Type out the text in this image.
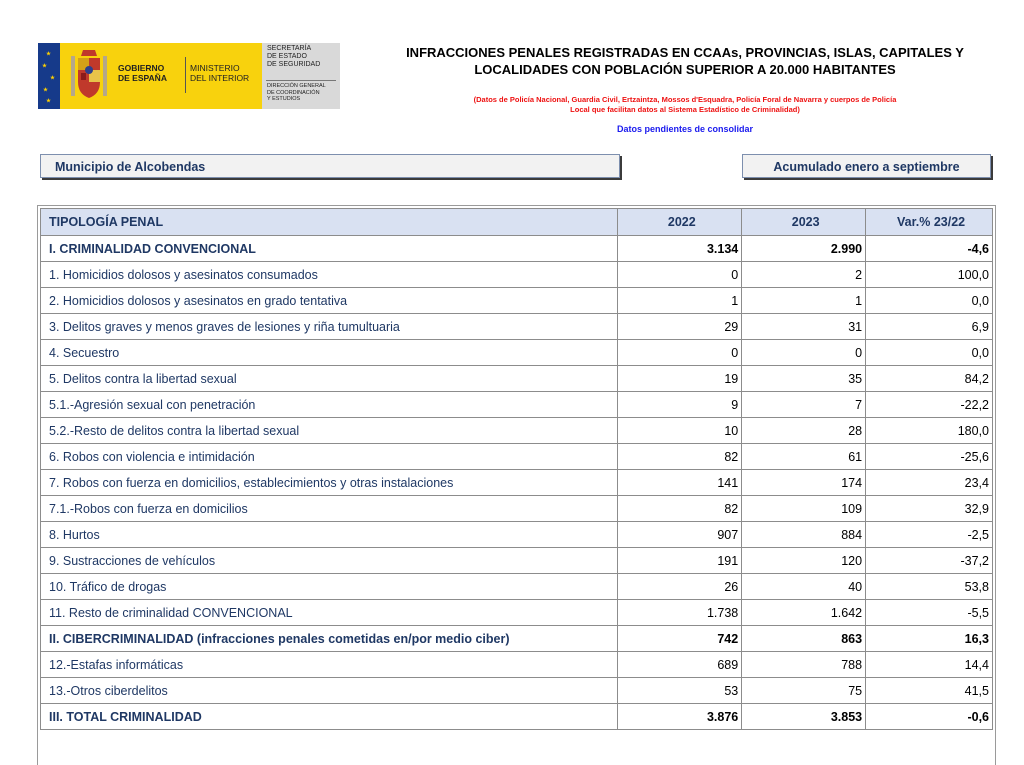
GOBIERNO
DE ESPAÑA
MINISTERIO
DEL INTERIOR
SECRETARÍA
DE ESTADO
DE SEGURIDAD
DIRECCIÓN GENERAL
DE COORDINACIÓN
Y ESTUDIOS
INFRACCIONES PENALES REGISTRADAS EN CCAAs, PROVINCIAS, ISLAS, CAPITALES Y
LOCALIDADES CON POBLACIÓN SUPERIOR A 20.000 HABITANTES
(Datos de Policía Nacional, Guardia Civil, Ertzaintza, Mossos d'Esquadra, Policía Foral de Navarra y cuerpos de Policía
Local que facilitan datos al Sistema Estadístico de Criminalidad)
Datos pendientes de consolidar
Municipio de Alcobendas	Acumulado enero a septiembre
TIPOLOGÍA PENAL	2022	2023	Var.% 23/22
I. CRIMINALIDAD CONVENCIONAL	3.134	2.990	-4,6
1. Homicidios dolosos y asesinatos consumados	0	2	100,0
2. Homicidios dolosos y asesinatos en grado tentativa	1	1	0,0
3. Delitos graves y menos graves de lesiones y riña tumultuaria	29	31	6,9
4. Secuestro	0	0	0,0
5. Delitos contra la libertad sexual	19	35	84,2
5.1.-Agresión sexual con penetración	9	7	-22,2
5.2.-Resto de delitos contra la libertad sexual	10	28	180,0
6. Robos con violencia e intimidación	82	61	-25,6
7. Robos con fuerza en domicilios, establecimientos y otras instalaciones	141	174	23,4
7.1.-Robos con fuerza en domicilios	82	109	32,9
8. Hurtos	907	884	-2,5
9. Sustracciones de vehículos	191	120	-37,2
10. Tráfico de drogas	26	40	53,8
11. Resto de criminalidad CONVENCIONAL	1.738	1.642	-5,5
II. CIBERCRIMINALIDAD (infracciones penales cometidas en/por medio ciber)	742	863	16,3
12.-Estafas informáticas	689	788	14,4
13.-Otros ciberdelitos	53	75	41,5
III. TOTAL CRIMINALIDAD	3.876	3.853	-0,6
